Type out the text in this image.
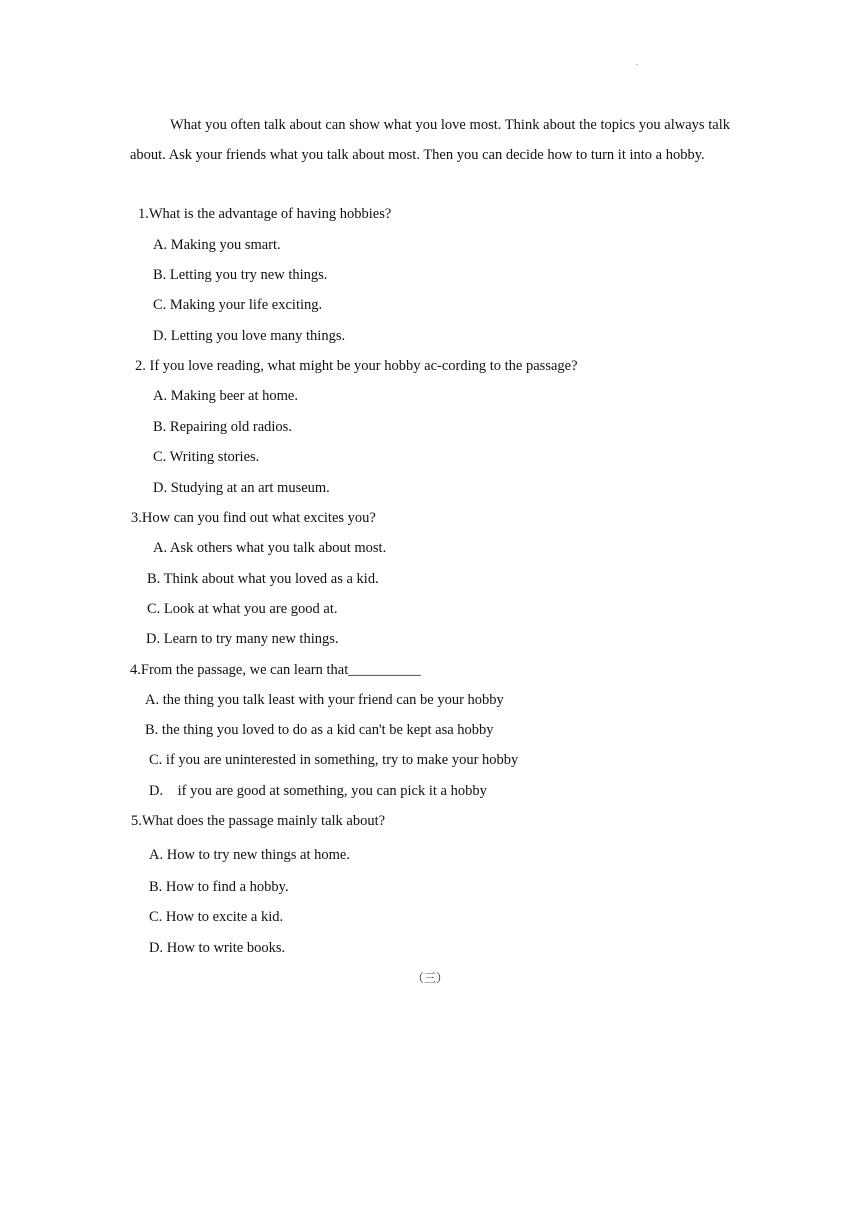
.

What you often talk about can show what you love most. Think about the topics you always talk about. Ask your friends what you talk about most. Then you can decide how to turn it into a hobby.

1.What is the advantage of having hobbies?
A. Making you smart.
B. Letting you try new things.
C. Making your life exciting.
D. Letting you love many things.
2. If you love reading, what might be your hobby ac-cording to the passage?
A. Making beer at home.
B. Repairing old radios.
C. Writing stories.
D. Studying at an art museum.
3.How can you find out what excites you?
A. Ask others what you talk about most.
B. Think about what you loved as a kid.
C. Look at what you are good at.
D. Learn to try many new things.
4.From the passage, we can learn that__________
A. the thing you talk least with your friend can be your hobby
B. the thing you loved to do as a kid can't be kept asa hobby
C. if you are uninterested in something, try to make your hobby
D.    if you are good at something, you can pick it a hobby
5.What does the passage mainly talk about?
A. How to try new things at home.
B. How to find a hobby.
C. How to excite a kid.
D. How to write books.
（三）
